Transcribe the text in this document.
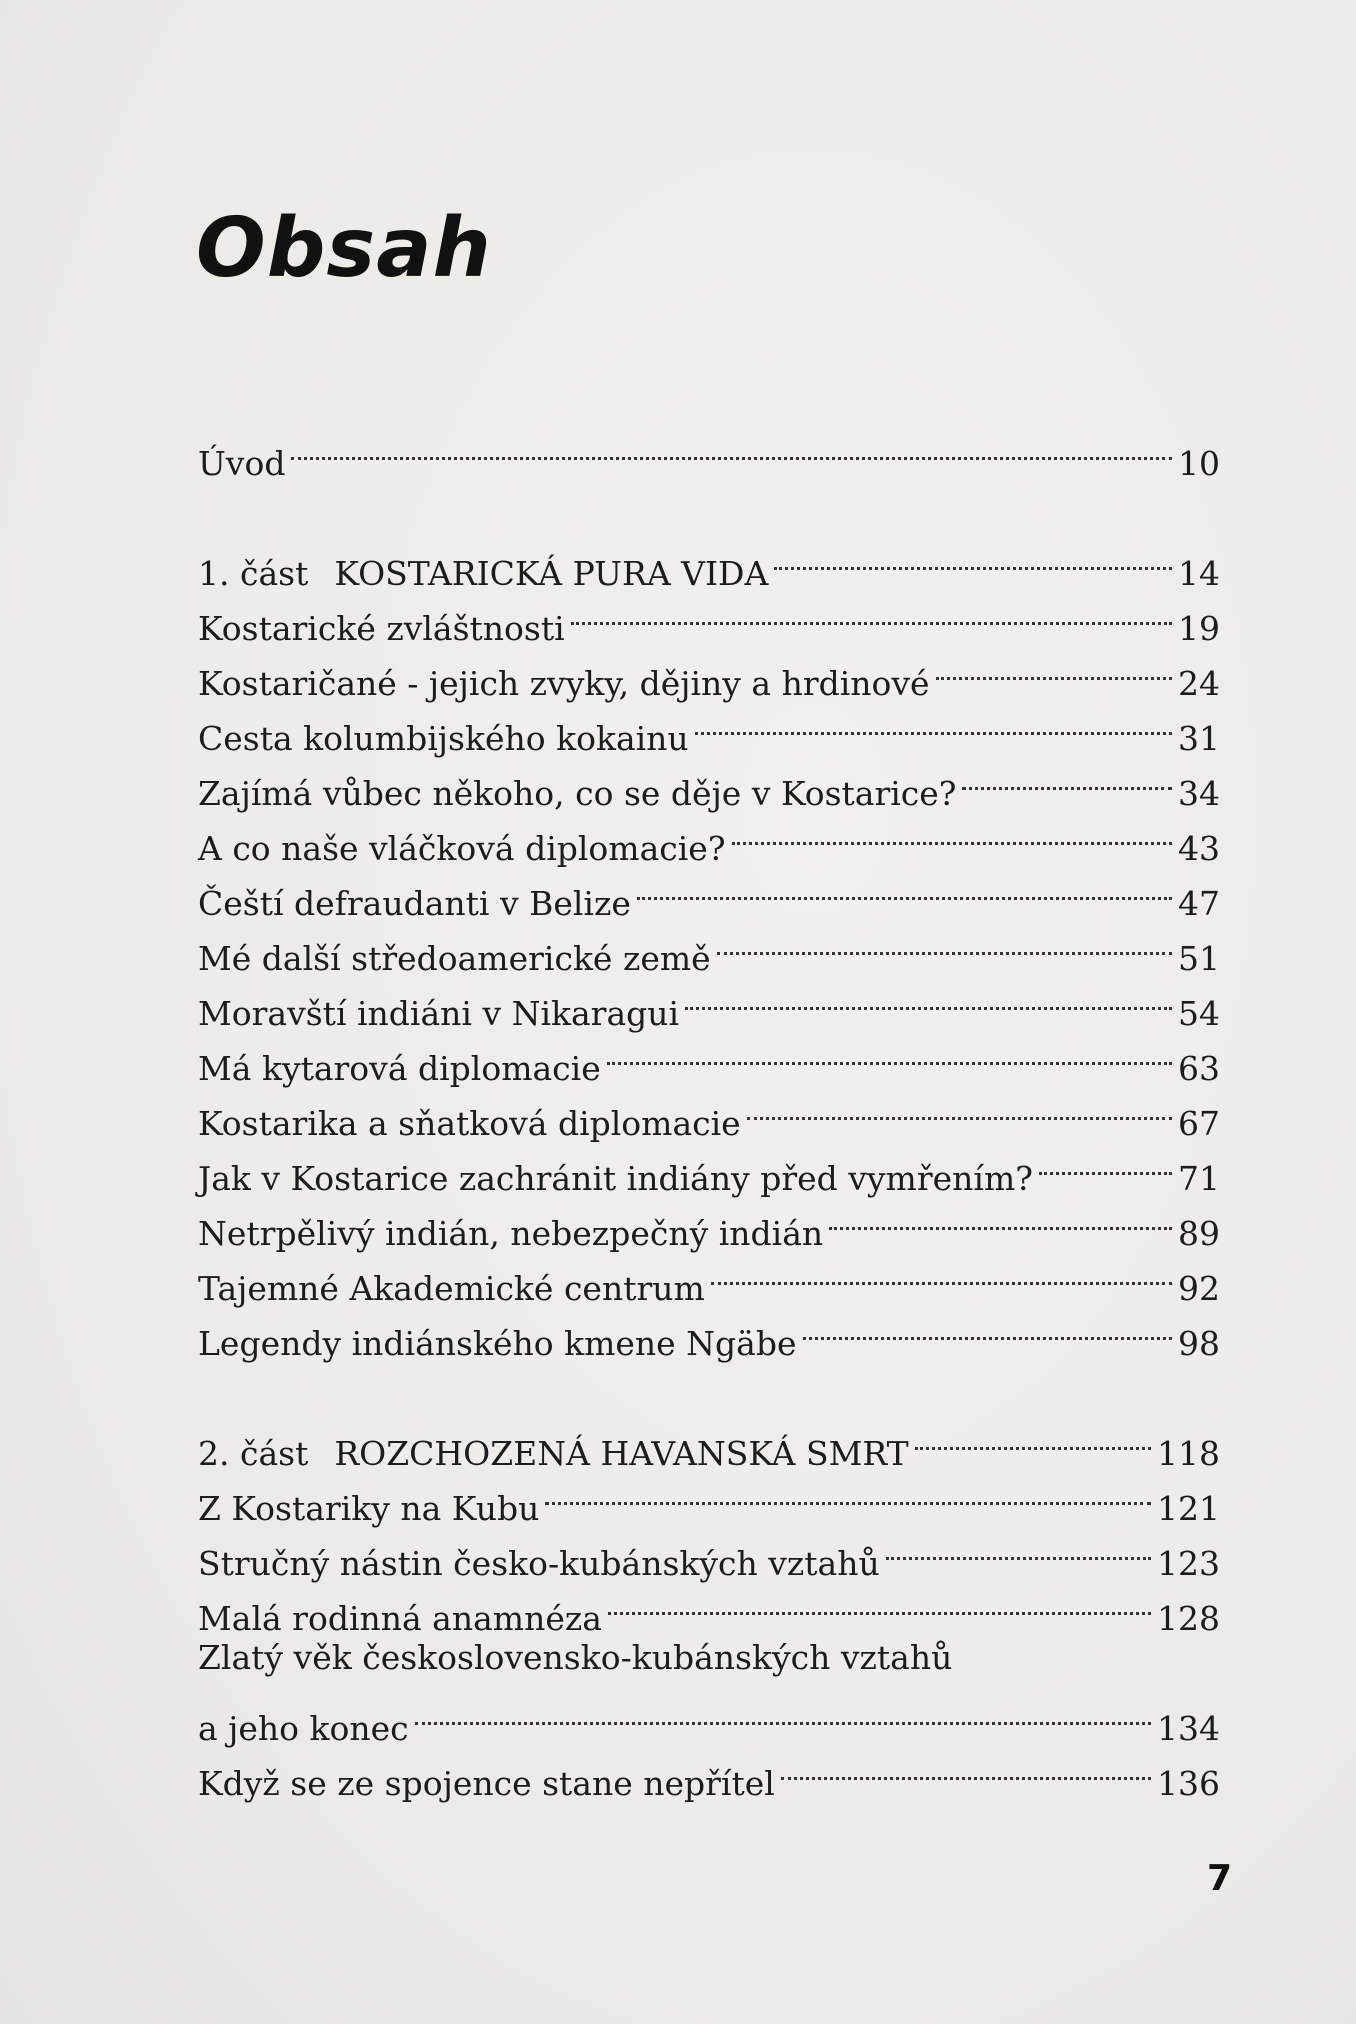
Obsah
Úvod	10
1. část KOSTARICKÁ PURA VIDA	14
Kostarické zvláštnosti	19
Kostaričané - jejich zvyky, dějiny a hrdinové	24
Cesta kolumbijského kokainu	31
Zajímá vůbec někoho, co se děje v Kostarice?	34
A co naše vláčková diplomacie?	43
Čeští defraudanti v Belize	47
Mé další středoamerické země	51
Moravští indiáni v Nikaragui	54
Má kytarová diplomacie	63
Kostarika a sňatková diplomacie	67
Jak v Kostarice zachránit indiány před vymřením?	71
Netrpělivý indián, nebezpečný indián	89
Tajemné Akademické centrum	92
Legendy indiánského kmene Ngäbe	98
2. část ROZCHOZENÁ HAVANSKÁ SMRT	118
Z Kostariky na Kubu	121
Stručný nástin česko-kubánských vztahů	123
Malá rodinná anamnéza	128
Zlatý věk československo-kubánských vztahů
a jeho konec	134
Když se ze spojence stane nepřítel	136
7
